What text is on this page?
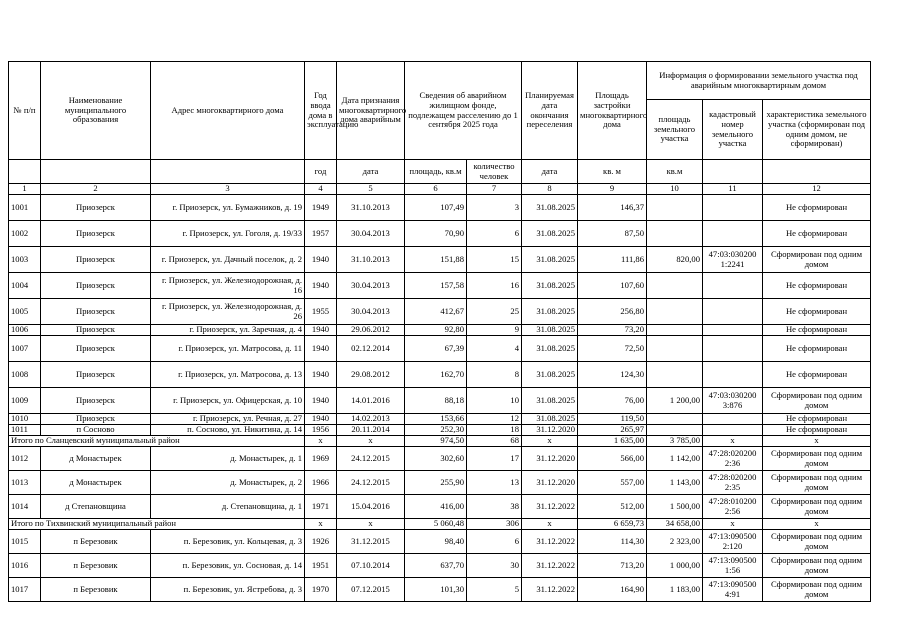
№ п/п	Наименование муниципального образования	Адрес многоквартирного дома	Год ввода дома в эксплуатацию	Дата признания многоквартирного дома аварийным	Сведения об аварийном жилищном фонде, подлежащем расселению до 1 сентября 2025 года		Планируемая дата окончания переселения	Площадь застройки многоквартирного дома	Информация о формировании земельного участка под аварийным многоквартирным домом		
									площадь земельного участка	кадастровый номер земельного участка	характеристика земельного участка (сформирован под одним домом, не сформирован)
			год	дата	площадь, кв.м	количество человек	дата	кв. м	кв.м		
1	2	3	4	5	6	7	8	9	10	11	12
1001	Приозерск	г. Приозерск, ул. Бумажников, д. 19	1949	31.10.2013	107,49	3	31.08.2025	146,37			Не сформирован
1002	Приозерск	г. Приозерск, ул. Гоголя, д. 19/33	1957	30.04.2013	70,90	6	31.08.2025	87,50			Не сформирован
1003	Приозерск	г. Приозерск, ул. Дачный поселок, д. 2	1940	31.10.2013	151,88	15	31.08.2025	111,86	820,00	47:03:030200 1:2241	Сформирован под одним домом
1004	Приозерск	г. Приозерск, ул. Железнодорожная, д. 16	1940	30.04.2013	157,58	16	31.08.2025	107,60			Не сформирован
1005	Приозерск	г. Приозерск, ул. Железнодорожная, д. 26	1955	30.04.2013	412,67	25	31.08.2025	256,80			Не сформирован
1006	Приозерск	г. Приозерск, ул. Заречная, д. 4	1940	29.06.2012	92,80	9	31.08.2025	73,20			Не сформирован
1007	Приозерск	г. Приозерск, ул. Матросова, д. 11	1940	02.12.2014	67,39	4	31.08.2025	72,50			Не сформирован
1008	Приозерск	г. Приозерск, ул. Матросова, д. 13	1940	29.08.2012	162,70	8	31.08.2025	124,30			Не сформирован
1009	Приозерск	г. Приозерск, ул. Офицерская, д. 10	1940	14.01.2016	88,18	10	31.08.2025	76,00	1 200,00	47:03:030200 3:876	Сформирован под одним домом
1010	Приозерск	г. Приозерск, ул. Речная, д. 27	1940	14.02.2013	153,66	12	31.08.2025	119,50			Не сформирован
1011	п Сосново	п. Сосново, ул. Никитина, д. 14	1956	20.11.2014	252,30	18	31.12.2020	265,97			Не сформирован
Итого по Сланцевский муниципальный район			x	x	974,50	68	x	1 635,00	3 785,00	x	x
1012	д Монастырек	д. Монастырек, д. 1	1969	24.12.2015	302,60	17	31.12.2020	566,00	1 142,00	47:28:020200 2:36	Сформирован под одним домом
1013	д Монастырек	д. Монастырек, д. 2	1966	24.12.2015	255,90	13	31.12.2020	557,00	1 143,00	47:28:020200 2:35	Сформирован под одним домом
1014	д Степановщина	д. Степановщина, д. 1	1971	15.04.2016	416,00	38	31.12.2022	512,00	1 500,00	47:28:010200 2:56	Сформирован под одним домом
Итого по Тихвинский муниципальный район			x	x	5 060,48	306	x	6 659,73	34 658,00	x	x
1015	п Березовик	п. Березовик, ул. Кольцевая, д. 3	1926	31.12.2015	98,40	6	31.12.2022	114,30	2 323,00	47:13:090500 2:120	Сформирован под одним домом
1016	п Березовик	п. Березовик, ул. Сосновая, д. 14	1951	07.10.2014	637,70	30	31.12.2022	713,20	1 000,00	47:13:090500 1:56	Сформирован под одним домом
1017	п Березовик	п. Березовик, ул. Ястребова, д. 3	1970	07.12.2015	101,30	5	31.12.2022	164,90	1 183,00	47:13:090500 4:91	Сформирован под одним домом
